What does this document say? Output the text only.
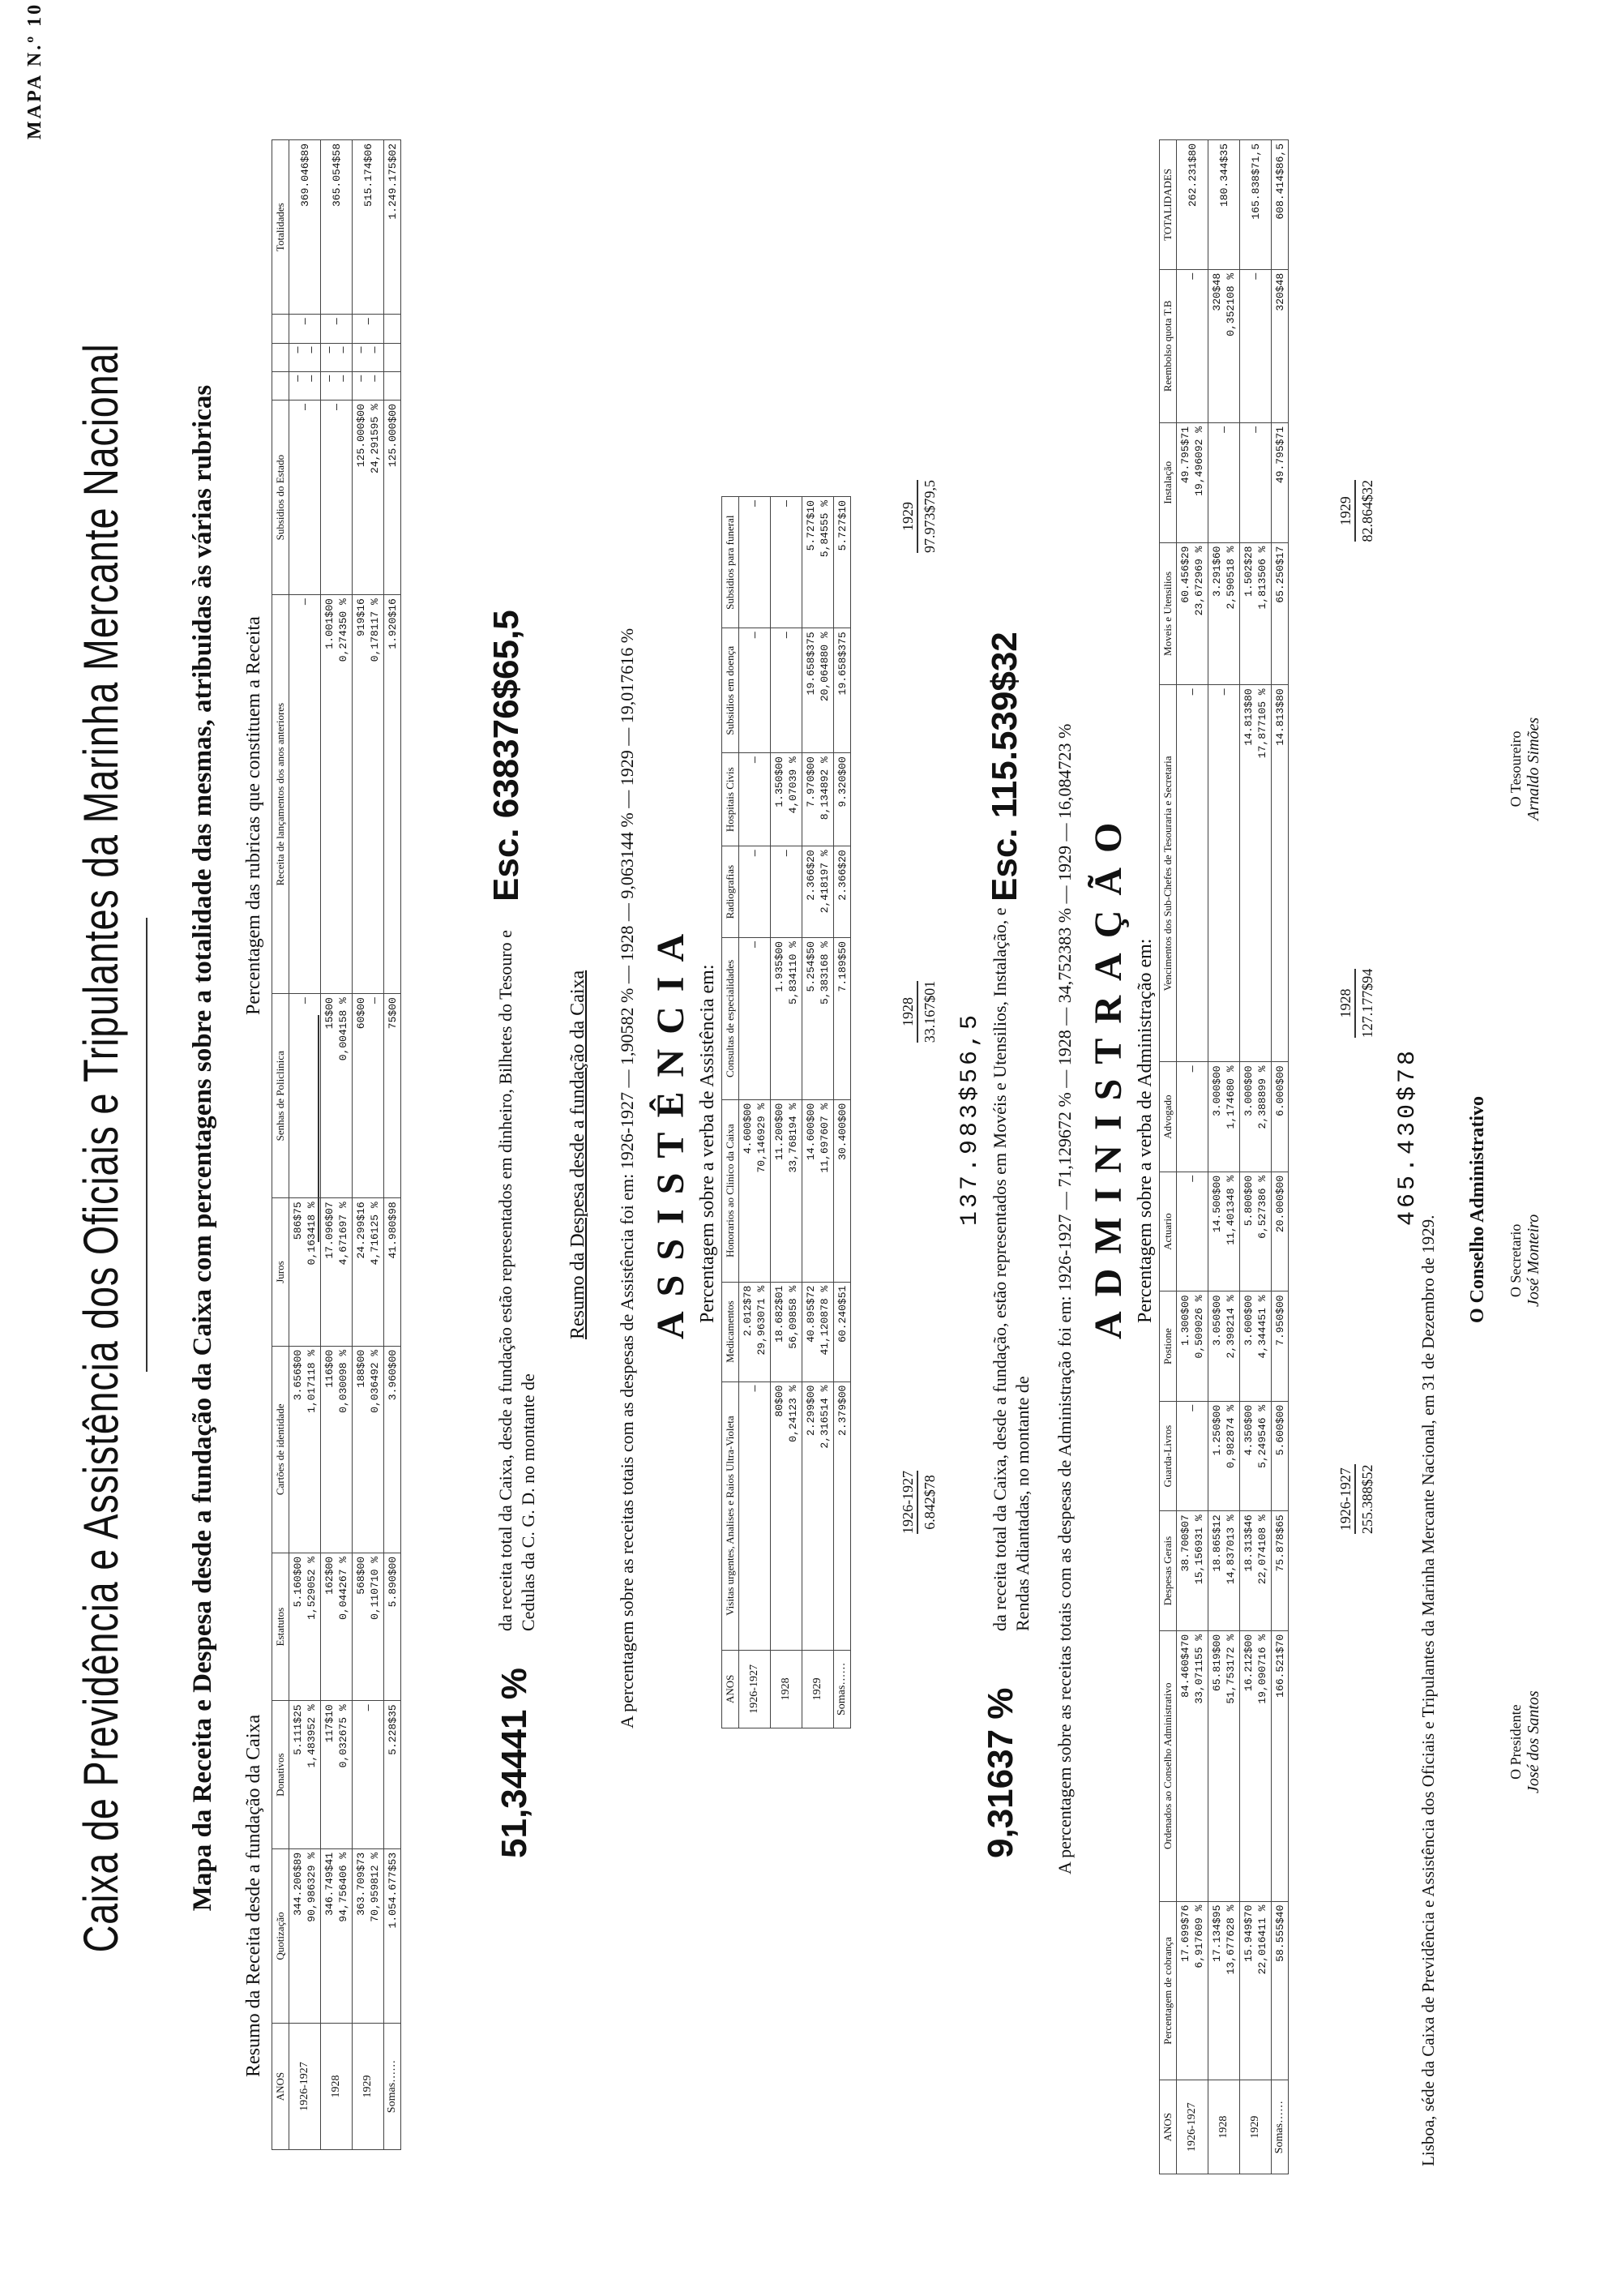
MAPA N.º 10
Caixa de Previdência e Assistência dos Oficiais e Tripulantes da Marinha Mercante Nacional Mapa da Receita e Despesa desde a fundação da Caixa com percentagens sobre a totalidade das mesmas, atribuidas às várias rubricas Resumo da Receita desde a fundação da Caixa
Percentagem das rubricas que constituem a Receita
ANOS	Quotização	Donativos	Estatutos	Cartões de identidade	Juros	Senhas de Policlinica	Receita de lançamentos dos anos anteriores	Subsidios do Estado				Totalidades
1926-1927	344.206$89 90,986329 %	5.111$25 1,483952 %	5.160$00 1,529052 %	3.656$00 1,017118 %	586$75 0,163418 %	—	—	—	— —	— —	—	369.046$89

1928	346.749$41 94,756406 %	117$10 0,032675 %	162$00 0,044267 %	116$00 0,030098 %	17.096$07 4,671697 %	15$00 0,004158 %	1.001$00 0,274350 %	—	— —	— —	—	365.054$58

1929	363.709$73 70,959812 %	—	568$00 0,110710 %	188$00 0,036492 %	24.299$16 4,716125 %	60$00 —	919$16 0,178117 %	125.000$00 24,291595 %	— —	— —	—	515.174$06

Somas……	1.054.677$53	5.228$35	5.890$00	3.960$00	41.980$98	75$00	1.920$16	125.000$00				1.249.175$02
51,34441 %
da receita total da Caixa, desde a fundação estão representados em dinheiro, Bilhetes do Tesouro e Cedulas da C. G. D. no montante de
Esc. 638376$65,5
Resumo da Despesa desde a fundação da Caixa A percentagem sobre as receitas totais com as despesas de Assistência foi em: 1926-1927 — 1,90582 % — 1928 — 9,063144 % — 1929 — 19,017616 % ASSISTÊNCIA Percentagem sobre a verba de Assistência em:
ANOS	Visitas urgentes, Analises e Raios Ultra-Violeta	Medicamentos	Honorarios ao Clinico da Caixa	Consultas de especialidades	Radiografias	Hospitais Civis	Subsidios em doença	Subsidios para funeral
1926-1927	—	2.012$78 29,963071 %	4.600$00 70,146929 %	—	—	—	—	—

1928	80$00 0,24123 %	18.682$01 56,09858 %	11.200$00 33,768194 %	1.935$00 5,834110 %	—	1.350$00 4,07039 %	—	—

1929	2.299$00 2,316514 %	40.895$72 41,120878 %	14.600$00 11,697607 %	5.254$50 5,383168 %	2.366$20 2,418197 %	7.970$00 8,134892 %	19.658$375 20,064880 %	5.727$10 5,84555 %

Somas……	2.379$00	60.240$51	30.400$00	7.189$50	2.366$20	9.320$00	19.658$375	5.727$10
1926-1927 6.842$78
1928 33.167$01
1929 97.973$79,5
137.983$56,5
9,31637 %
da receita total da Caixa, desde a fundação, estão representados em Movéis e Utensilios, Instalação, e Rendas Adiantadas, no montante de
Esc. 115.539$32 A percentagem sobre as receitas totais com as despesas de Administração foi em: 1926-1927 — 71,129672 % — 1928 — 34,752383 % — 1929 — 16,084723 % ADMINISTRAÇÃO Percentagem sobre a verba de Administração em:
ANOS	Percentagem de cobrança	Ordenados ao Conselho Administrativo	Despesas Gerais	Guarda-Livros	Postione	Actuario	Advogado	Vencimentos dos Sub-Chefes de Tesouraria e Secretaria	Moveis e Utensilios	Instalação	Reembolso quota T.B	TOTALIDADES
1926-1927	17.699$76 6,917609 %	84.460$470 33,071155 %	38.700$07 15,156931 %	—	1.300$00 0,509026 %	—	—	—	60.456$29 23,672969 %	49.795$71 19,496092 %	—	262.231$80

1928	17.134$95 13,677628 %	65.819$00 51,753172 %	18.865$12 14,837013 %	1.250$00 0,982874 %	3.050$00 2,398214 %	14.500$00 11,401348 %	3.000$00 1,174680 %	—	3.291$60 2,590518 %	—	320$48 0,352108 %	180.344$35

1929	15.949$70 22,016411 %	16.212$00 19,090716 %	18.313$46 22,074108 %	4.350$00 5,249546 %	3.600$00 4,344451 %	5.800$00 6,527386 %	3.000$00 2,388899 %	14.813$80 17,877105 %	1.502$28 1,813506 %	—	—	165.838$71,5

Somas……	58.555$40	166.521$70	75.878$65	5.600$00	7.950$00	20.000$00	6.000$00	14.813$80	65.250$17	49.795$71	320$48	608.414$86,5
1926-1927 255.388$52
1928 127.177$94
1929 82.864$32
465.430$78
Lisboa, séde da Caixa de Previdência e Assistência dos Oficiais e Tripulantes da Marinha Mercante Nacional, em 31 de Dezembro de 1929.
O Conselho Administrativo
O Presidente José dos Santos
O Secretario José Monteiro
O Tesoureiro Arnaldo Simões
